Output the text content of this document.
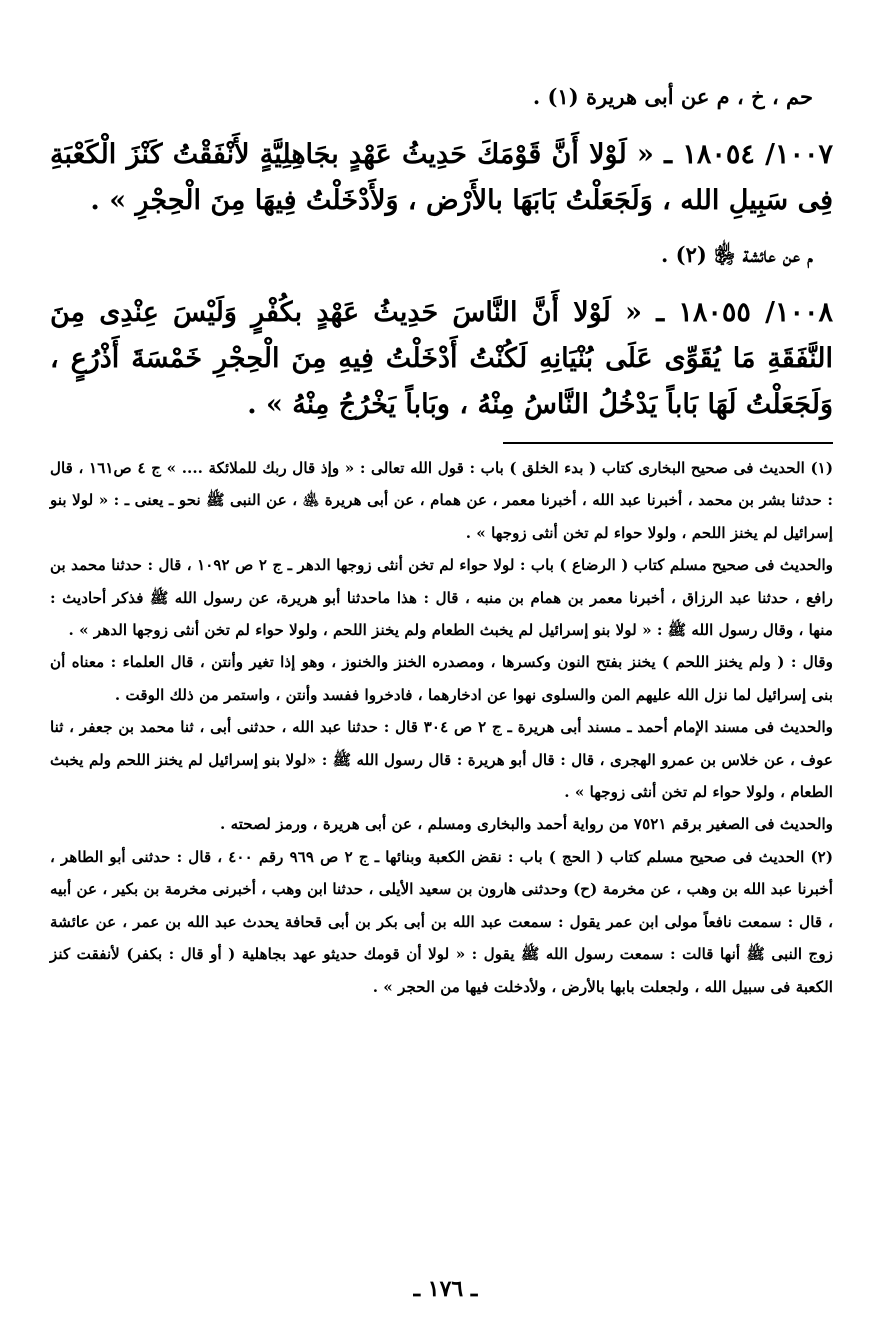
حم ، خ ، م عن أبى هريرة (١) .

١٠٠٧/ ١٨٠٥٤ ـ « لَوْلا أَنَّ قَوْمَكَ حَدِيثُ عَهْدٍ بجَاهِلِيَّةٍ لأَنْفَقْتُ كَنْزَ الْكَعْبَةِ فِى سَبِيلِ الله ، وَلَجَعَلْتُ بَابَهَا بالأَرْض ، وَلأَدْخَلْتُ فِيهَا مِنَ الْحِجْرِ » .

م عن عائشة ﵂ (٢) .

١٠٠٨/ ١٨٠٥٥ ـ « لَوْلا أَنَّ النَّاسَ حَدِيثُ عَهْدٍ بكُفْرٍ وَلَيْسَ عِنْدِى مِنَ النَّفَقَةِ مَا يُقَوِّى عَلَى بُنْيَانِهِ لَكُنْتُ أَدْخَلْتُ فِيهِ مِنَ الْحِجْرِ خَمْسَةَ أَذْرُعٍ ، وَلَجَعَلْتُ لَهَا بَاباً يَدْخُلُ النَّاسُ مِنْهُ ، وبَاباً يَخْرُجُ مِنْهُ » .

(١) الحديث فى صحيح البخارى كتاب ( بدء الخلق ) باب : قول الله تعالى : « وإذ قال ربك للملائكة .... » ج ٤ ص١٦١ ، قال : حدثنا بشر بن محمد ، أخبرنا عبد الله ، أخبرنا معمر ، عن همام ، عن أبى هريرة ﵁ ، عن النبى ﷺ نحو ـ يعنى ـ : « لولا بنو إسرائيل لم يخنز اللحم ، ولولا حواء لم تخن أنثى زوجها » .

والحديث فى صحيح مسلم كتاب ( الرضاع ) باب : لولا حواء لم تخن أنثى زوجها الدهر ـ ج ٢ ص ١٠٩٢ ، قال : حدثنا محمد بن رافع ، حدثنا عبد الرزاق ، أخبرنا معمر بن همام بن منبه ، قال : هذا ماحدثنا أبو هريرة، عن رسول الله ﷺ فذكر أحاديث : منها ، وقال رسول الله ﷺ : « لولا بنو إسرائيل لم يخبث الطعام ولم يخنز اللحم ، ولولا حواء لم تخن أنثى زوجها الدهر » .

وقال : ( ولم يخنز اللحم ) يخنز بفتح النون وكسرها ، ومصدره الخنز والخنوز ، وهو إذا تغير وأنتن ، قال العلماء : معناه أن بنى إسرائيل لما نزل الله عليهم المن والسلوى نهوا عن ادخارهما ، فادخروا ففسد وأنتن ، واستمر من ذلك الوقت .

والحديث فى مسند الإمام أحمد ـ مسند أبى هريرة ـ ج ٢ ص ٣٠٤ قال : حدثنا عبد الله ، حدثنى أبى ، ثنا محمد بن جعفر ، ثنا عوف ، عن خلاس بن عمرو الهجرى ، قال : قال أبو هريرة : قال رسول الله ﷺ : «لولا بنو إسرائيل لم يخنز اللحم ولم يخبث الطعام ، ولولا حواء لم تخن أنثى زوجها » .

والحديث فى الصغير برقم ٧٥٢١ من رواية أحمد والبخارى ومسلم ، عن أبى هريرة ، ورمز لصحته .

(٢) الحديث فى صحيح مسلم كتاب ( الحج ) باب : نقض الكعبة وبنائها ـ ج ٢ ص ٩٦٩ رقم ٤٠٠ ، قال : حدثنى أبو الطاهر ، أخبرنا عبد الله بن وهب ، عن مخرمة (ح) وحدثنى هارون بن سعيد الأيلى ، حدثنا ابن وهب ، أخبرنى مخرمة بن بكير ، عن أبيه ، قال : سمعت نافعاً مولى ابن عمر يقول : سمعت عبد الله بن أبى بكر بن أبى قحافة يحدث عبد الله بن عمر ، عن عائشة زوج النبى ﷺ أنها قالت : سمعت رسول الله ﷺ يقول : « لولا أن قومك حديثو عهد بجاهلية ( أو قال : بكفر) لأنفقت كنز الكعبة فى سبيل الله ، ولجعلت بابها بالأرض ، ولأدخلت فيها من الحجر » .

ـ ١٧٦ ـ
